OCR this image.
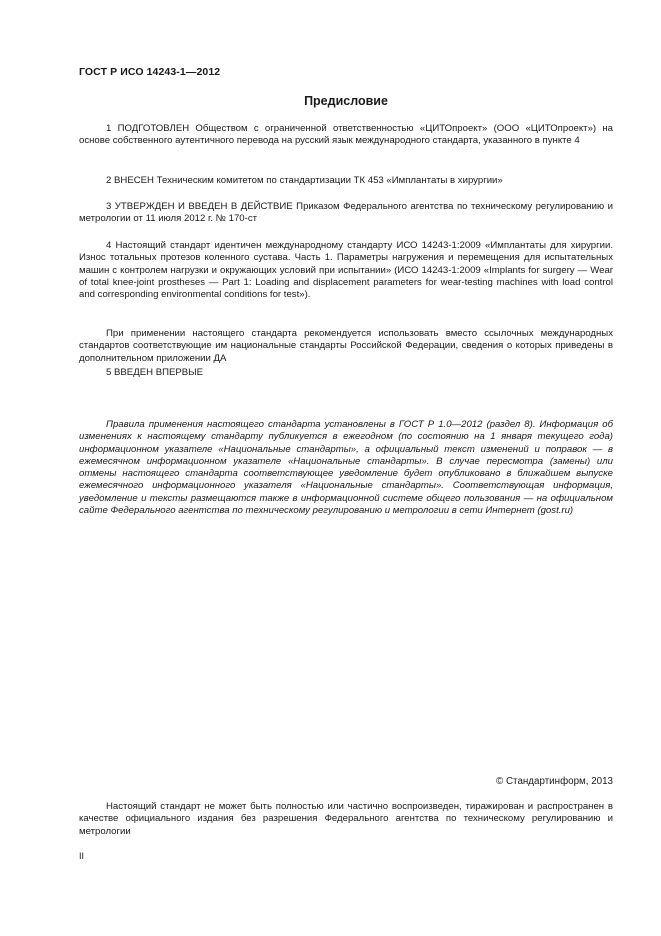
ГОСТ Р ИСО 14243-1—2012
Предисловие
1 ПОДГОТОВЛЕН Обществом с ограниченной ответственностью «ЦИТОпроект» (ООО «ЦИТОпроект») на основе собственного аутентичного перевода на русский язык международного стандарта, указанного в пункте 4
2 ВНЕСЕН Техническим комитетом по стандартизации ТК 453 «Имплантаты в хирургии»
3 УТВЕРЖДЕН И ВВЕДЕН В ДЕЙСТВИЕ Приказом Федерального агентства по техническому регулированию и метрологии от 11 июля 2012 г. № 170-ст
4 Настоящий стандарт идентичен международному стандарту ИСО 14243-1:2009 «Имплантаты для хирургии. Износ тотальных протезов коленного сустава. Часть 1. Параметры нагружения и перемещения для испытательных машин с контролем нагрузки и окружающих условий при испытании» (ИСО 14243-1:2009 «Implants for surgery — Wear of total knee-joint prostheses — Part 1: Loading and displacement parameters for wear-testing machines with load control and corresponding environmental conditions for test»).
При применении настоящего стандарта рекомендуется использовать вместо ссылочных международных стандартов соответствующие им национальные стандарты Российской Федерации, сведения о которых приведены в дополнительном приложении ДА
5 ВВЕДЕН ВПЕРВЫЕ
Правила применения настоящего стандарта установлены в ГОСТ Р 1.0—2012 (раздел 8). Информация об изменениях к настоящему стандарту публикуется в ежегодном (по состоянию на 1 января текущего года) информационном указателе «Национальные стандарты», а официальный текст изменений и поправок — в ежемесячном информационном указателе «Национальные стандарты». В случае пересмотра (замены) или отмены настоящего стандарта соответствующее уведомление будет опубликовано в ближайшем выпуске ежемесячного информационного указателя «Национальные стандарты». Соответствующая информация, уведомление и тексты размещаются также в информационной системе общего пользования — на официальном сайте Федерального агентства по техническому регулированию и метрологии в сети Интернет (gost.ru)
© Стандартинформ, 2013
Настоящий стандарт не может быть полностью или частично воспроизведен, тиражирован и распространен в качестве официального издания без разрешения Федерального агентства по техническому регулированию и метрологии
II
